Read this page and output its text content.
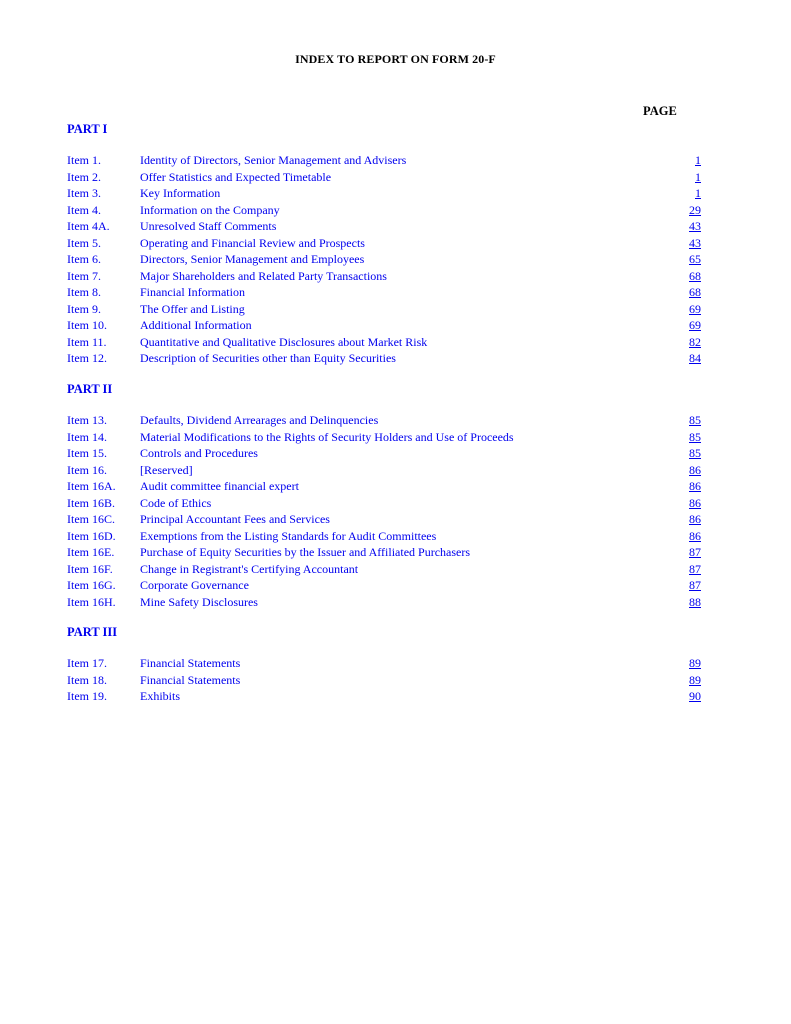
INDEX TO REPORT ON FORM 20-F
PAGE
PART I
Item 1.	Identity of Directors, Senior Management and Advisers	1
Item 2.	Offer Statistics and Expected Timetable	1
Item 3.	Key Information	1
Item 4.	Information on the Company	29
Item 4A.	Unresolved Staff Comments	43
Item 5.	Operating and Financial Review and Prospects	43
Item 6.	Directors, Senior Management and Employees	65
Item 7.	Major Shareholders and Related Party Transactions	68
Item 8.	Financial Information	68
Item 9.	The Offer and Listing	69
Item 10.	Additional Information	69
Item 11.	Quantitative and Qualitative Disclosures about Market Risk	82
Item 12.	Description of Securities other than Equity Securities	84
PART II
Item 13.	Defaults, Dividend Arrearages and Delinquencies	85
Item 14.	Material Modifications to the Rights of Security Holders and Use of Proceeds	85
Item 15.	Controls and Procedures	85
Item 16.	[Reserved]	86
Item 16A. Audit committee financial expert	86
Item 16B. Code of Ethics	86
Item 16C. Principal Accountant Fees and Services	86
Item 16D. Exemptions from the Listing Standards for Audit Committees	86
Item 16E. Purchase of Equity Securities by the Issuer and Affiliated Purchasers	87
Item 16F. Change in Registrant's Certifying Accountant	87
Item 16G. Corporate Governance	87
Item 16H. Mine Safety Disclosures	88
PART III
Item 17.	Financial Statements	89
Item 18.	Financial Statements	89
Item 19.	Exhibits	90
